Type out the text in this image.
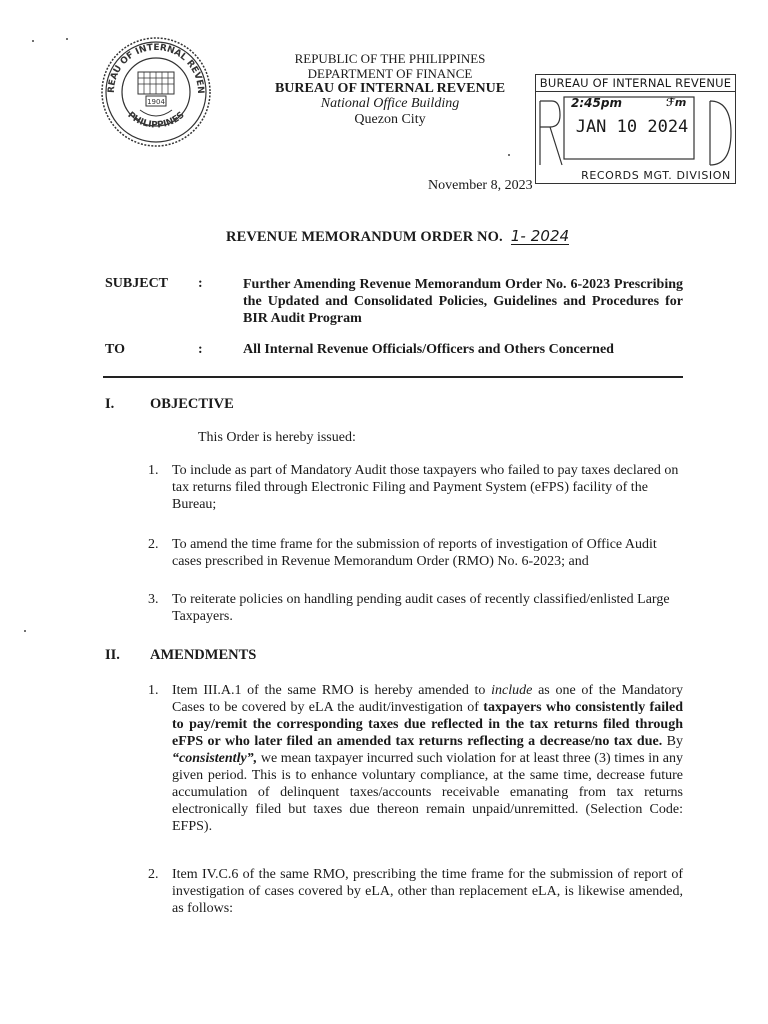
REAU OF INTERNAL REVEN
PHILIPPINES
1904
REPUBLIC OF THE PHILIPPINES
DEPARTMENT OF FINANCE
BUREAU OF INTERNAL REVENUE
National Office Building
Quezon City
BUREAU OF INTERNAL REVENUE
2:45pm	ℱm
JAN 10 2024
RECORDS MGT. DIVISION
November 8, 2023
REVENUE MEMORANDUM ORDER NO. 1- 2024
SUBJECT :	Further Amending Revenue Memorandum Order No. 6-2023 Prescribing the Updated and Consolidated Policies, Guidelines and Procedures for BIR Audit Program
TO	:	All Internal Revenue Officials/Officers and Others Concerned
I. OBJECTIVE
This Order is hereby issued:
1. To include as part of Mandatory Audit those taxpayers who failed to pay taxes declared on tax returns filed through Electronic Filing and Payment System (eFPS) facility of the Bureau;
2. To amend the time frame for the submission of reports of investigation of Office Audit cases prescribed in Revenue Memorandum Order (RMO) No. 6-2023; and
3. To reiterate policies on handling pending audit cases of recently classified/enlisted Large Taxpayers.
II. AMENDMENTS
1. Item III.A.1 of the same RMO is hereby amended to include as one of the Mandatory Cases to be covered by eLA the audit/investigation of taxpayers who consistently failed to pay/remit the corresponding taxes due reflected in the tax returns filed through eFPS or who later filed an amended tax returns reflecting a decrease/no tax due. By “consistently”, we mean taxpayer incurred such violation for at least three (3) times in any given period. This is to enhance voluntary compliance, at the same time, decrease future accumulation of delinquent taxes/accounts receivable emanating from tax returns electronically filed but taxes due thereon remain unpaid/unremitted. (Selection Code: EFPS).
2. Item IV.C.6 of the same RMO, prescribing the time frame for the submission of report of investigation of cases covered by eLA, other than replacement eLA, is likewise amended, as follows:
